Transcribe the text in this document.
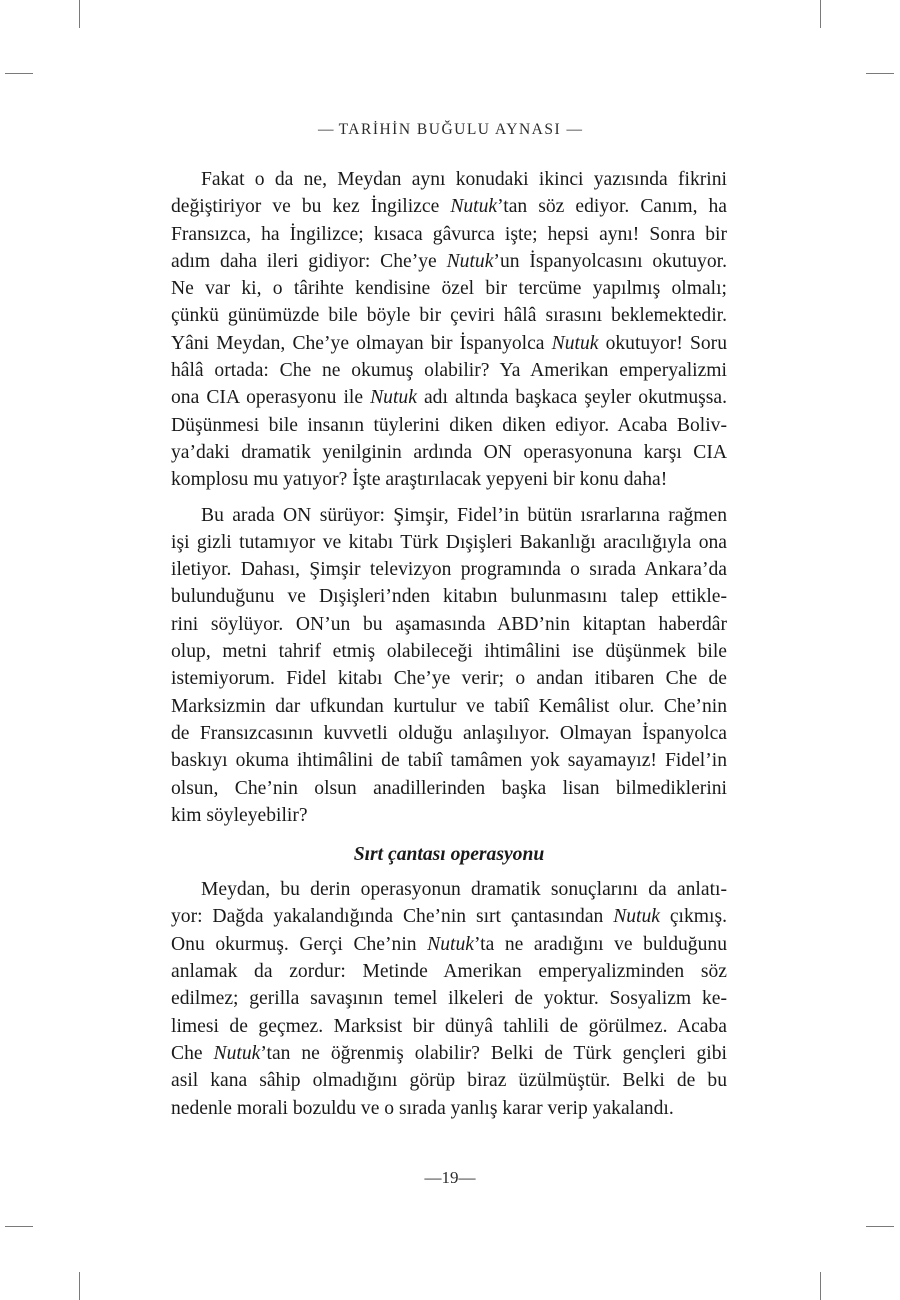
— TARİHİN BUĞULU AYNASI —

Fakat o da ne, Meydan aynı konudaki ikinci yazısında fikrini
değiştiriyor ve bu kez İngilizce Nutuk’tan söz ediyor. Canım, ha
Fransızca, ha İngilizce; kısaca gâvurca işte; hepsi aynı! Sonra bir
adım daha ileri gidiyor: Che’ye Nutuk’un İspanyolcasını okutuyor.
Ne var ki, o târihte kendisine özel bir tercüme yapılmış olmalı;
çünkü günümüzde bile böyle bir çeviri hâlâ sırasını beklemektedir.
Yâni Meydan, Che’ye olmayan bir İspanyolca Nutuk okutuyor! Soru
hâlâ ortada: Che ne okumuş olabilir? Ya Amerikan emperyalizmi
ona CIA operasyonu ile Nutuk adı altında başkaca şeyler okutmuşsa.
Düşünmesi bile insanın tüylerini diken diken ediyor. Acaba Boliv-
ya’daki dramatik yenilginin ardında ON operasyonuna karşı CIA
komplosu mu yatıyor? İşte araştırılacak yepyeni bir konu daha!

Bu arada ON sürüyor: Şimşir, Fidel’in bütün ısrarlarına rağmen
işi gizli tutamıyor ve kitabı Türk Dışişleri Bakanlığı aracılığıyla ona
iletiyor. Dahası, Şimşir televizyon programında o sırada Ankara’da
bulunduğunu ve Dışişleri’nden kitabın bulunmasını talep ettikle-
rini söylüyor. ON’un bu aşamasında ABD’nin kitaptan haberdâr
olup, metni tahrif etmiş olabileceği ihtimâlini ise düşünmek bile
istemiyorum. Fidel kitabı Che’ye verir; o andan itibaren Che de
Marksizmin dar ufkundan kurtulur ve tabiî Kemâlist olur. Che’nin
de Fransızcasının kuvvetli olduğu anlaşılıyor. Olmayan İspanyolca
baskıyı okuma ihtimâlini de tabiî tamâmen yok sayamayız! Fidel’in
olsun, Che’nin olsun anadillerinden başka lisan bilmediklerini
kim söyleyebilir?

Sırt çantası operasyonu

Meydan, bu derin operasyonun dramatik sonuçlarını da anlatı-
yor: Dağda yakalandığında Che’nin sırt çantasından Nutuk çıkmış.
Onu okurmuş. Gerçi Che’nin Nutuk’ta ne aradığını ve bulduğunu
anlamak da zordur: Metinde Amerikan emperyalizminden söz
edilmez; gerilla savaşının temel ilkeleri de yoktur. Sosyalizm ke-
limesi de geçmez. Marksist bir dünyâ tahlili de görülmez. Acaba
Che Nutuk’tan ne öğrenmiş olabilir? Belki de Türk gençleri gibi
asil kana sâhip olmadığını görüp biraz üzülmüştür. Belki de bu
nedenle morali bozuldu ve o sırada yanlış karar verip yakalandı.

—19—
